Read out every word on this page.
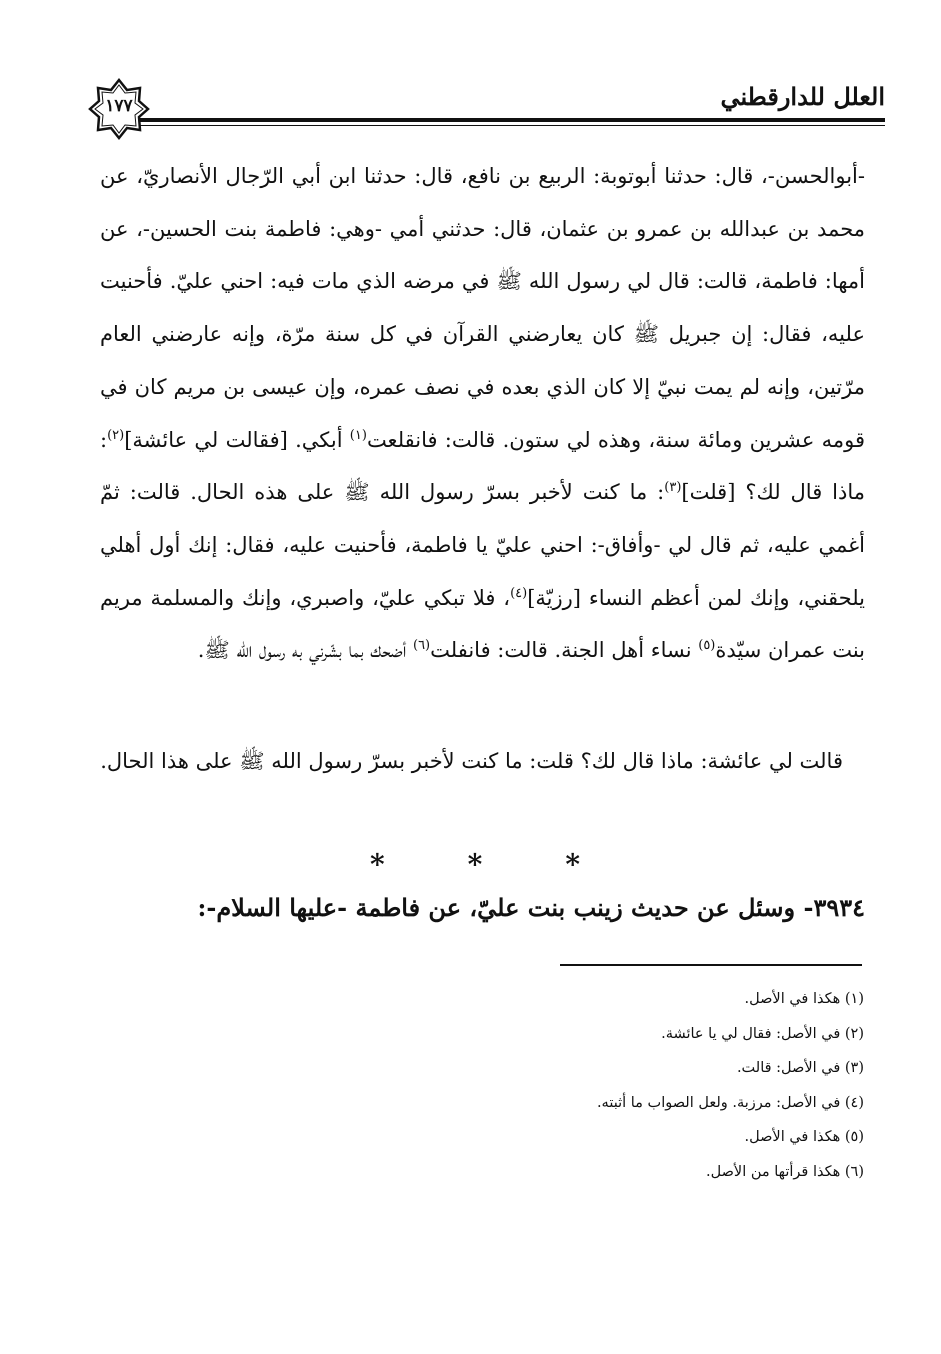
العلل للدارقطني
١٧٧
-أبوالحسن-، قال: حدثنا أبوتوبة: الربيع بن نافع، قال: حدثنا ابن أبي الرّجال الأنصاريّ، عن محمد بن عبدالله بن عمرو بن عثمان، قال: حدثني أمي -وهي: فاطمة بنت الحسين-، عن أمها: فاطمة، قالت: قال لي رسول الله ﷺ في مرضه الذي مات فيه: احني عليّ. فأحنيت عليه، فقال: إن جبريل ﷺ كان يعارضني القرآن في كل سنة مرّة، وإنه عارضني العام مرّتين، وإنه لم يمت نبيّ إلا كان الذي بعده في نصف عمره، وإن عيسى بن مريم كان في قومه عشرين ومائة سنة، وهذه لي ستون. قالت: فانقلعت$^{(١)}$ أبكي. [فقالت لي عائشة]$^{(٢)}$: ماذا قال لك؟ [قلت]$^{(٣)}$: ما كنت لأخبر بسرّ رسول الله ﷺ على هذه الحال. قالت: ثمّ أغمي عليه، ثم قال لي -وأفاق-: احني عليّ يا فاطمة، فأحنيت عليه، فقال: إنك أول أهلي يلحقني، وإنك لمن أعظم النساء [رزيّة]$^{(٤)}$، فلا تبكي عليّ، واصبري، وإنك والمسلمة مريم بنت عمران سيّدة$^{(٥)}$ نساء أهل الجنة. قالت: فانفلت$^{(٦)}$ أضحك بما بشّرني به رسول الله ﷺ.
قالت لي عائشة: ماذا قال لك؟ قلت: ما كنت لأخبر بسرّ رسول الله ﷺ على هذا الحال.
*	*	*
٣٩٣٤- وسئل عن حديث زينب بنت عليّ، عن فاطمة -عليها السلام-:
(١) هكذا في الأصل.
(٢) في الأصل: فقال لي يا عائشة.
(٣) في الأصل: قالت.
(٤) في الأصل: مرزبة. ولعل الصواب ما أثبته.
(٥) هكذا في الأصل.
(٦) هكذا قرأتها من الأصل.
